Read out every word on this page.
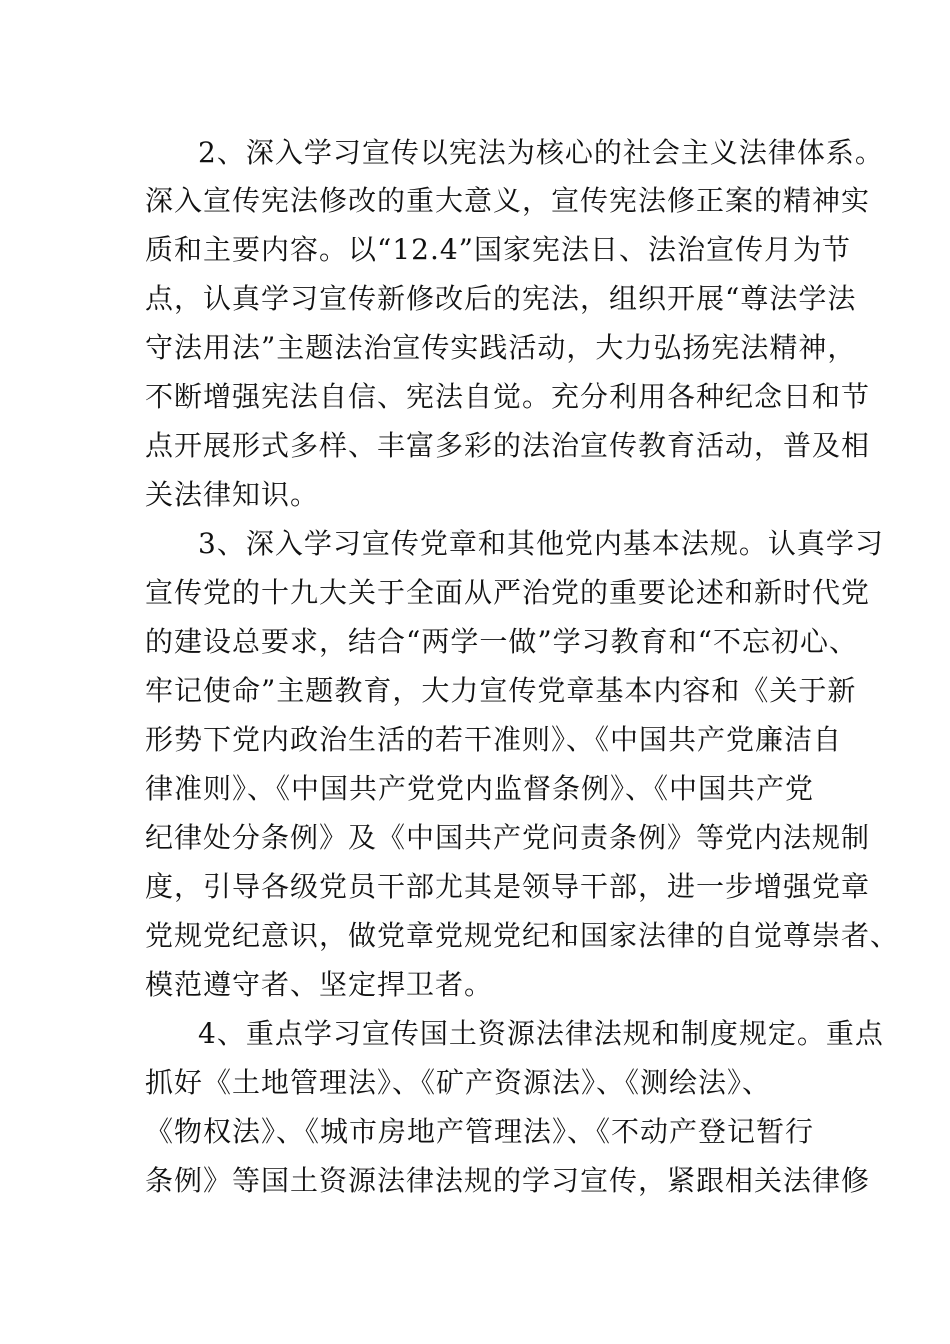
2、深入学习宣传以宪法为核心的社会主义法律体系。
深入宣传宪法修改的重大意义，宣传宪法修正案的精神实
质和主要内容。以“12.4”国家宪法日、法治宣传月为节
点，认真学习宣传新修改后的宪法，组织开展“尊法学法
守法用法”主题法治宣传实践活动，大力弘扬宪法精神，
不断增强宪法自信、宪法自觉。充分利用各种纪念日和节
点开展形式多样、丰富多彩的法治宣传教育活动，普及相
关法律知识。
3、深入学习宣传党章和其他党内基本法规。认真学习
宣传党的十九大关于全面从严治党的重要论述和新时代党
的建设总要求，结合“两学一做”学习教育和“不忘初心、
牢记使命”主题教育，大力宣传党章基本内容和《关于新
形势下党内政治生活的若干准则》、《中国共产党廉洁自
律准则》、《中国共产党党内监督条例》、《中国共产党
纪律处分条例》及《中国共产党问责条例》等党内法规制
度，引导各级党员干部尤其是领导干部，进一步增强党章
党规党纪意识，做党章党规党纪和国家法律的自觉尊崇者、
模范遵守者、坚定捍卫者。
4、重点学习宣传国土资源法律法规和制度规定。重点
抓好《土地管理法》、《矿产资源法》、《测绘法》、
《物权法》、《城市房地产管理法》、《不动产登记暂行
条例》等国土资源法律法规的学习宣传，紧跟相关法律修
